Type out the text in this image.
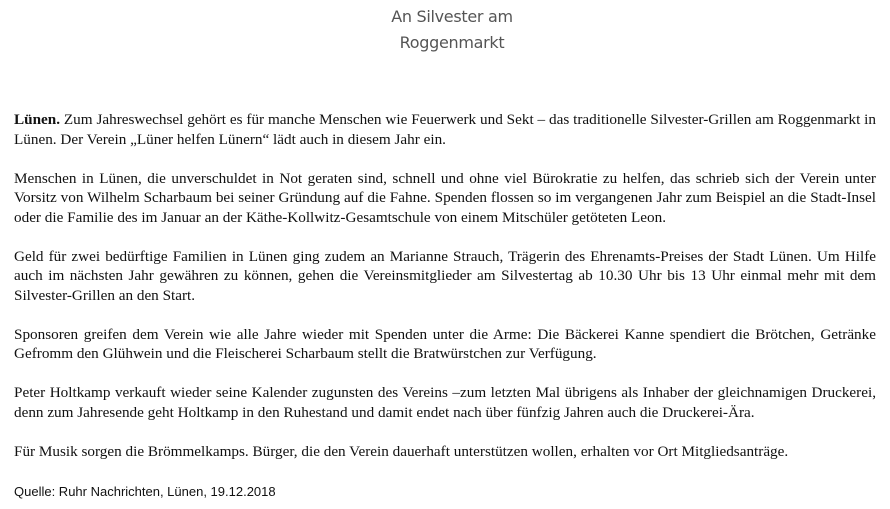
An Silvester am
Roggenmarkt

Lünen. Zum Jahreswechsel gehört es für manche Menschen wie Feuerwerk und Sekt – das traditionelle Silvester-Grillen am Roggenmarkt in Lünen. Der Verein „Lüner helfen Lünern“ lädt auch in diesem Jahr ein.

Menschen in Lünen, die unverschuldet in Not geraten sind, schnell und ohne viel Bürokratie zu helfen, das schrieb sich der Verein unter Vorsitz von Wilhelm Scharbaum bei seiner Gründung auf die Fahne. Spenden flossen so im vergangenen Jahr zum Beispiel an die Stadt-Insel oder die Familie des im Januar an der Käthe-Kollwitz-Gesamtschule von einem Mitschüler getöteten Leon.

Geld für zwei bedürftige Familien in Lünen ging zudem an Marianne Strauch, Trägerin des Ehrenamts-Preises der Stadt Lünen. Um Hilfe auch im nächsten Jahr gewähren zu können, gehen die Vereinsmitglieder am Silvestertag ab 10.30 Uhr bis 13 Uhr einmal mehr mit dem Silvester-Grillen an den Start.

Sponsoren greifen dem Verein wie alle Jahre wieder mit Spenden unter die Arme: Die Bäckerei Kanne spendiert die Brötchen, Getränke Gefromm den Glühwein und die Fleischerei Scharbaum stellt die Bratwürstchen zur Verfügung.

Peter Holtkamp verkauft wieder seine Kalender zugunsten des Vereins –zum letzten Mal übrigens als Inhaber der gleichnamigen Druckerei, denn zum Jahresende geht Holtkamp in den Ruhestand und damit endet nach über fünfzig Jahren auch die Druckerei-Ära.

Für Musik sorgen die Brömmelkamps. Bürger, die den Verein dauerhaft unterstützen wollen, erhalten vor Ort Mitgliedsanträge.

Quelle: Ruhr Nachrichten, Lünen, 19.12.2018
